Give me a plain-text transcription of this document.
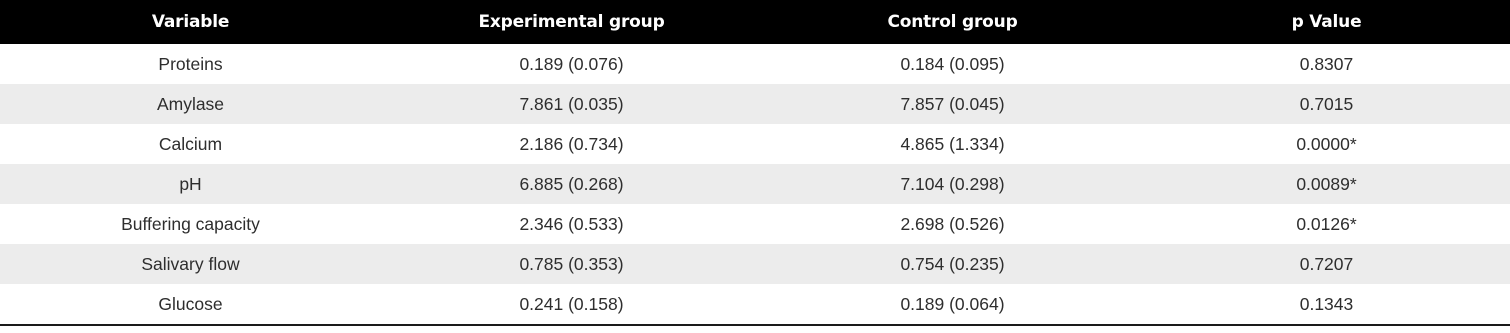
Variable	Experimental group	Control group	p Value
Proteins	0.189 (0.076)	0.184 (0.095)	0.8307
Amylase	7.861 (0.035)	7.857 (0.045)	0.7015
Calcium	2.186 (0.734)	4.865 (1.334)	0.0000*
pH	6.885 (0.268)	7.104 (0.298)	0.0089*
Buffering capacity	2.346 (0.533)	2.698 (0.526)	0.0126*
Salivary flow	0.785 (0.353)	0.754 (0.235)	0.7207
Glucose	0.241 (0.158)	0.189 (0.064)	0.1343
